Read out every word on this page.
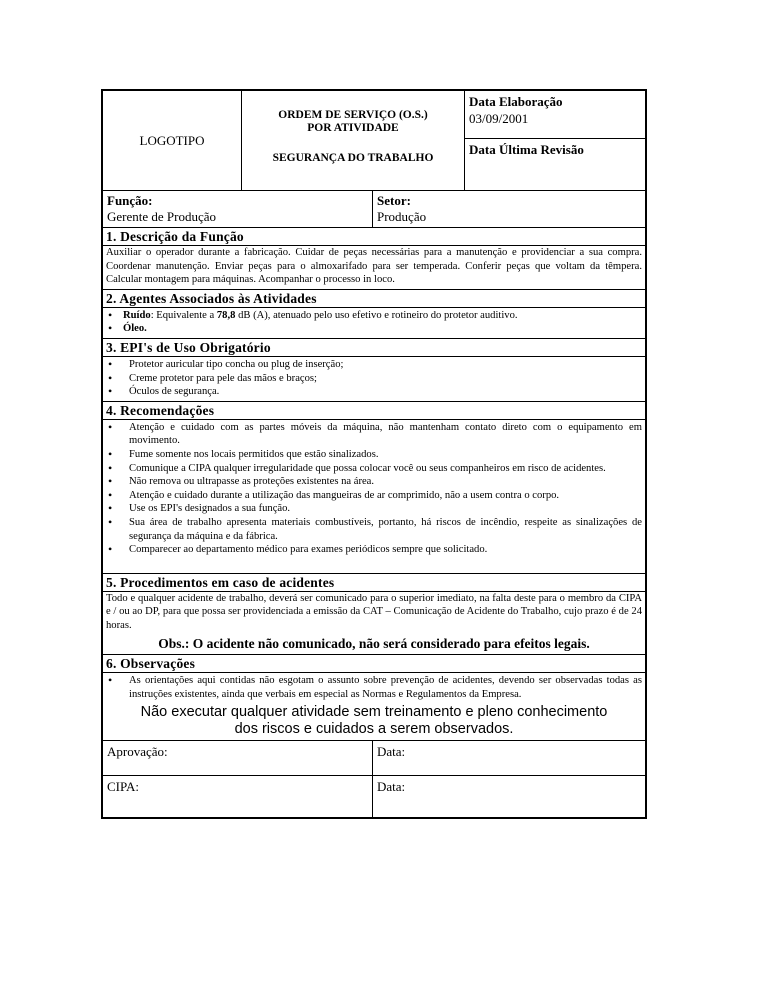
LOGOTIPO
ORDEM DE SERVIÇO (O.S.)
POR ATIVIDADE
SEGURANÇA DO TRABALHO
Data Elaboração
03/09/2001
Data Última Revisão
Função:
Gerente de Produção
Setor:
Produção
1. Descrição da Função
Auxiliar o operador durante a fabricação. Cuidar de peças necessárias para a manutenção e providenciar a sua compra. Coordenar manutenção. Enviar peças para o almoxarifado para ser temperada. Conferir peças que voltam da têmpera. Calcular montagem para máquinas. Acompanhar o processo in loco.
2. Agentes Associados às Atividades
• Ruído: Equivalente a 78,8 dB (A), atenuado pelo uso efetivo e rotineiro do protetor auditivo.
• Óleo.
3. EPI's de Uso Obrigatório
• Protetor auricular tipo concha ou plug de inserção;
• Creme protetor para pele das mãos e braços;
• Óculos de segurança.
4. Recomendações
• Atenção e cuidado com as partes móveis da máquina, não mantenham contato direto com o equipamento em movimento.
• Fume somente nos locais permitidos que estão sinalizados.
• Comunique a CIPA qualquer irregularidade que possa colocar você ou seus companheiros em risco de acidentes.
• Não remova ou ultrapasse as proteções existentes na área.
• Atenção e cuidado durante a utilização das mangueiras de ar comprimido, não a usem contra o corpo.
• Use os EPI's designados a sua função.
• Sua área de trabalho apresenta materiais combustíveis, portanto, há riscos de incêndio, respeite as sinalizações de segurança da máquina e da fábrica.
• Comparecer ao departamento médico para exames periódicos sempre que solicitado.
5. Procedimentos em caso de acidentes
Todo e qualquer acidente de trabalho, deverá ser comunicado para o superior imediato, na falta deste para o membro da CIPA e / ou ao DP, para que possa ser providenciada a emissão da CAT – Comunicação de Acidente do Trabalho, cujo prazo é de 24 horas.
Obs.: O acidente não comunicado, não será considerado para efeitos legais.
6. Observações
• As orientações aqui contidas não esgotam o assunto sobre prevenção de acidentes, devendo ser observadas todas as instruções existentes, ainda que verbais em especial as Normas e Regulamentos da Empresa.
Não executar qualquer atividade sem treinamento e pleno conhecimento
dos riscos e cuidados a serem observados.
Aprovação:	Data:
CIPA:	Data:
